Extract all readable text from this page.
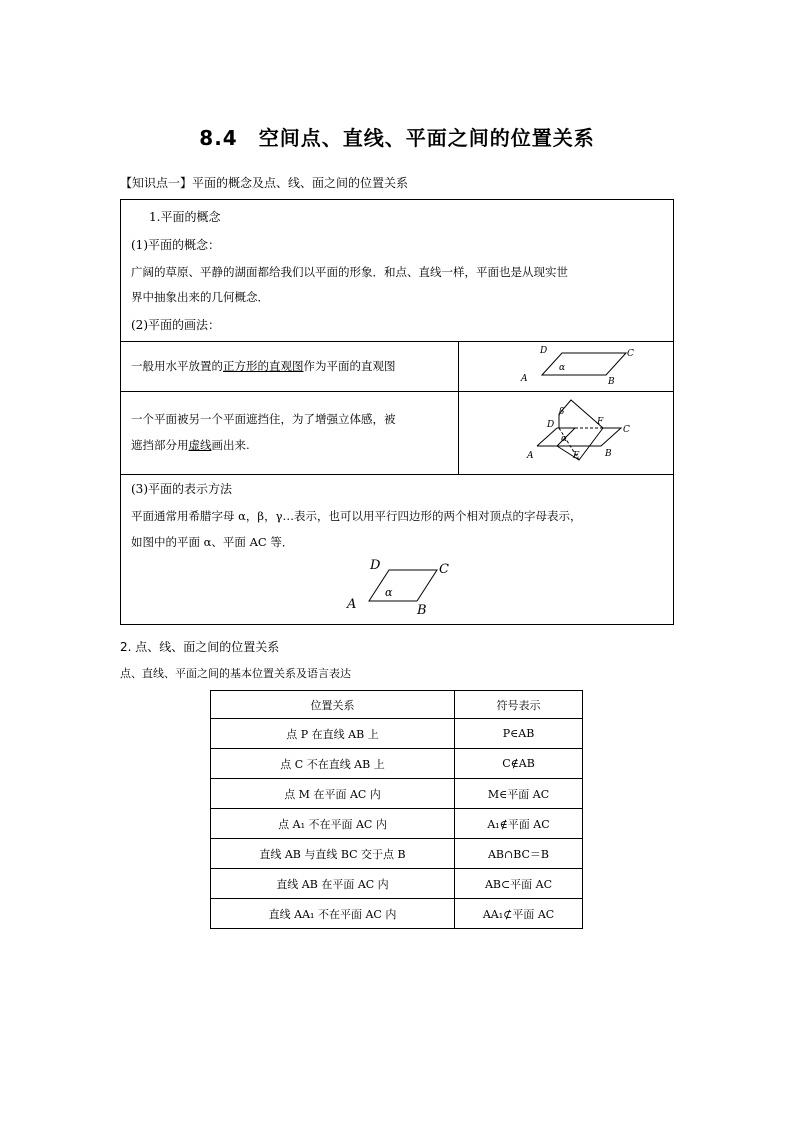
8.4　空间点、直线、平面之间的位置关系
【知识点一】平面的概念及点、线、面之间的位置关系
1.平面的概念
(1)平面的概念：
广阔的草原、平静的湖面都给我们以平面的形象．和点、直线一样，平面也是从现实世
界中抽象出来的几何概念．
(2)平面的画法：
一般用水平放置的正方形的直观图作为平面的直观图
D	C
A	B
α
一个平面被另一个平面遮挡住，为了增强立体感，被
遮挡部分用虚线画出来.
β
F
D	C
α
A	E	B
(3)平面的表示方法
平面通常用希腊字母 α，β，γ…表示，也可以用平行四边形的两个相对顶点的字母表示，
如图中的平面 α、平面 AC 等．
D	C
A	B
α
2. 点、线、面之间的位置关系
点、直线、平面之间的基本位置关系及语言表达
位置关系	符号表示
点 P 在直线 AB 上	P∈AB
点 C 不在直线 AB 上	C∉AB
点 M 在平面 AC 内	M∈平面 AC
点 A₁ 不在平面 AC 内	A₁∉平面 AC
直线 AB 与直线 BC 交于点 B	AB∩BC＝B
直线 AB 在平面 AC 内	AB⊂平面 AC
直线 AA₁ 不在平面 AC 内	AA₁⊄平面 AC
